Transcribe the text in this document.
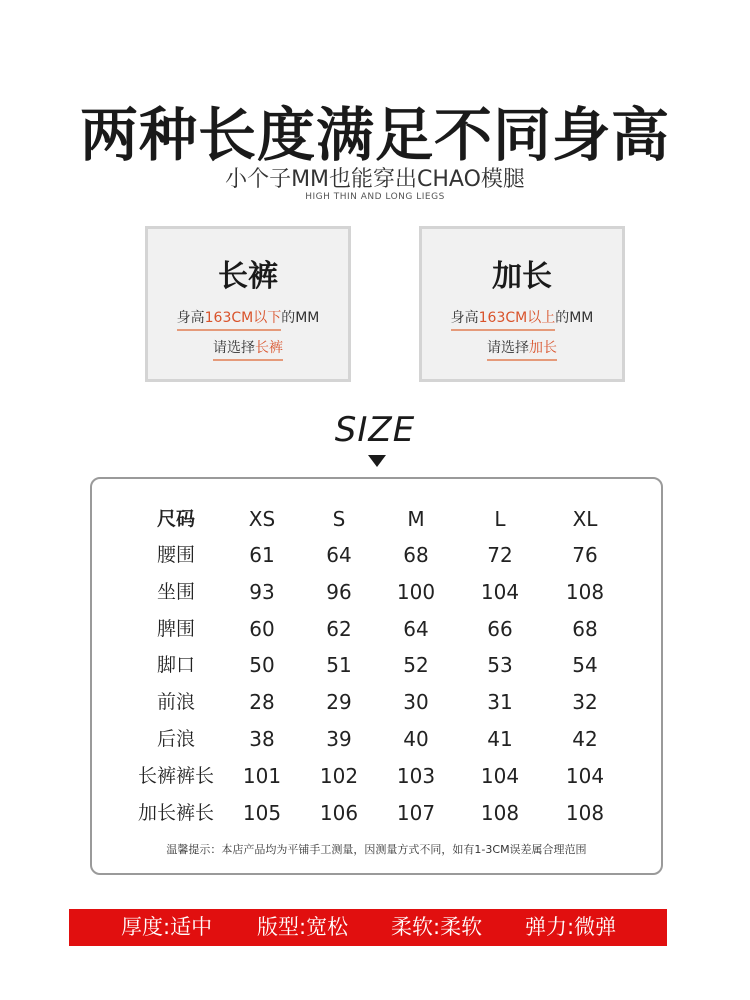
两种长度满足不同身高
小个子MM也能穿出CHAO模腿
HIGH THIN AND LONG LIEGS
长裤
身高163CM以下的MM
请选择长裤
加长
身高163CM以上的MM
请选择加长
SIZE
尺码	XS	S	M	L	XL
腰围	61	64	68	72	76
坐围	93	96	100	104	108
脾围	60	62	64	66	68
脚口	50	51	52	53	54
前浪	28	29	30	31	32
后浪	38	39	40	41	42
长裤裤长	101	102	103	104	104
加长裤长	105	106	107	108	108
温馨提示：本店产品均为平铺手工测量，因测量方式不同，如有1-3CM误差属合理范围
厚度:适中 版型:宽松 柔软:柔软 弹力:微弹
